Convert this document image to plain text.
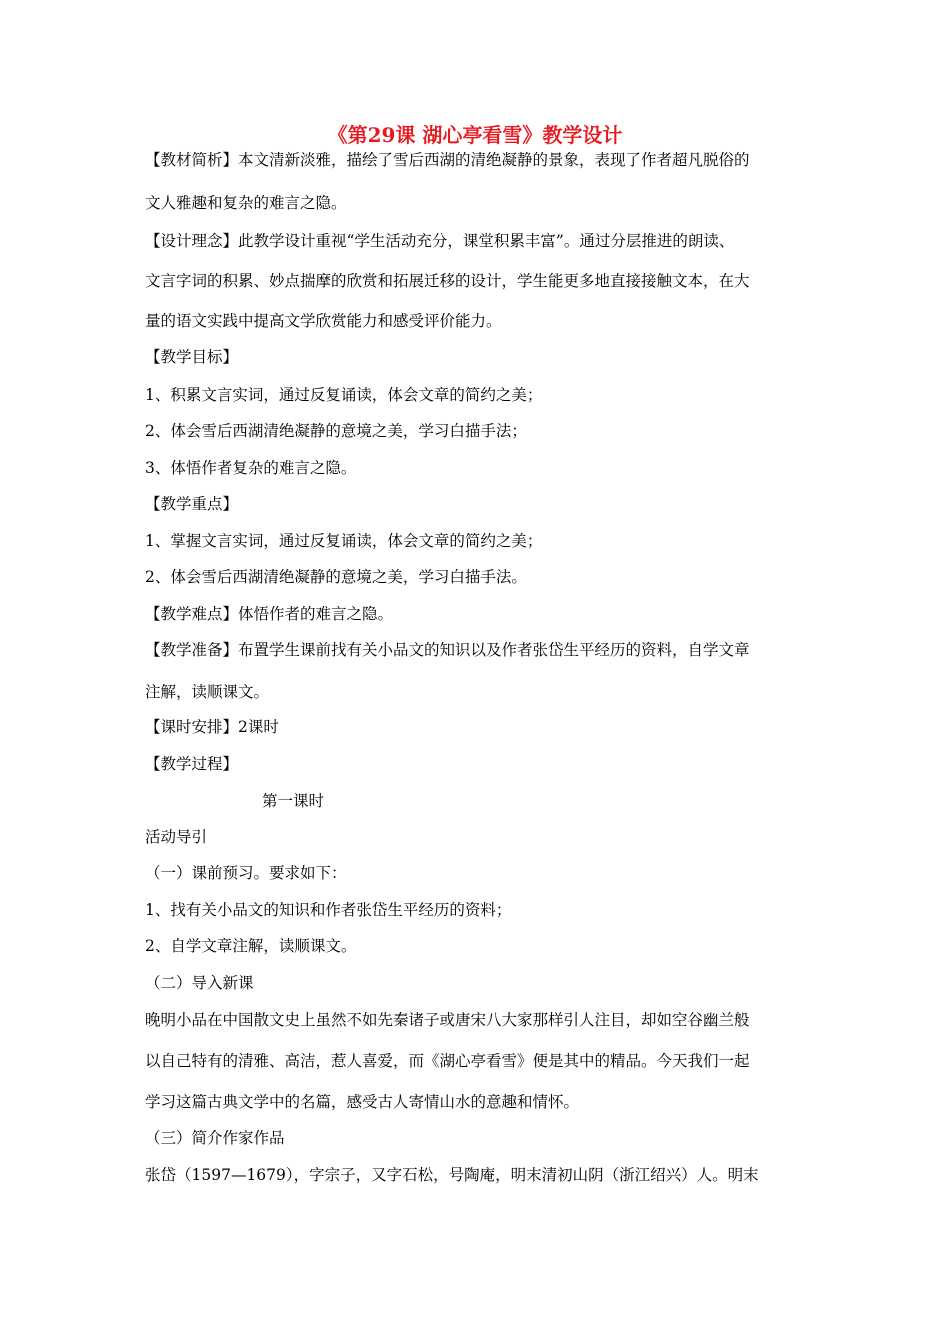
《第29课 湖心亭看雪》教学设计
【教材简析】本文清新淡雅，描绘了雪后西湖的清绝凝静的景象，表现了作者超凡脱俗的
文人雅趣和复杂的难言之隐。
【设计理念】此教学设计重视“学生活动充分，课堂积累丰富”。通过分层推进的朗读、
文言字词的积累、妙点揣摩的欣赏和拓展迁移的设计，学生能更多地直接接触文本，在大
量的语文实践中提高文学欣赏能力和感受评价能力。
【教学目标】
1、积累文言实词，通过反复诵读，体会文章的简约之美；
2、体会雪后西湖清绝凝静的意境之美，学习白描手法；
3、体悟作者复杂的难言之隐。
【教学重点】
1、掌握文言实词，通过反复诵读，体会文章的简约之美；
2、体会雪后西湖清绝凝静的意境之美，学习白描手法。
【教学难点】体悟作者的难言之隐。
【教学准备】布置学生课前找有关小品文的知识以及作者张岱生平经历的资料，自学文章
注解，读顺课文。
【课时安排】2课时
【教学过程】
第一课时
活动导引
（一）课前预习。要求如下：
1、找有关小品文的知识和作者张岱生平经历的资料；
2、自学文章注解，读顺课文。
（二）导入新课
晚明小品在中国散文史上虽然不如先秦诸子或唐宋八大家那样引人注目，却如空谷幽兰般
以自己特有的清雅、高洁，惹人喜爱，而《湖心亭看雪》便是其中的精品。今天我们一起
学习这篇古典文学中的名篇，感受古人寄情山水的意趣和情怀。
（三）简介作家作品
张岱（1597—1679），字宗子，又字石松，号陶庵，明末清初山阴（浙江绍兴）人。明末
